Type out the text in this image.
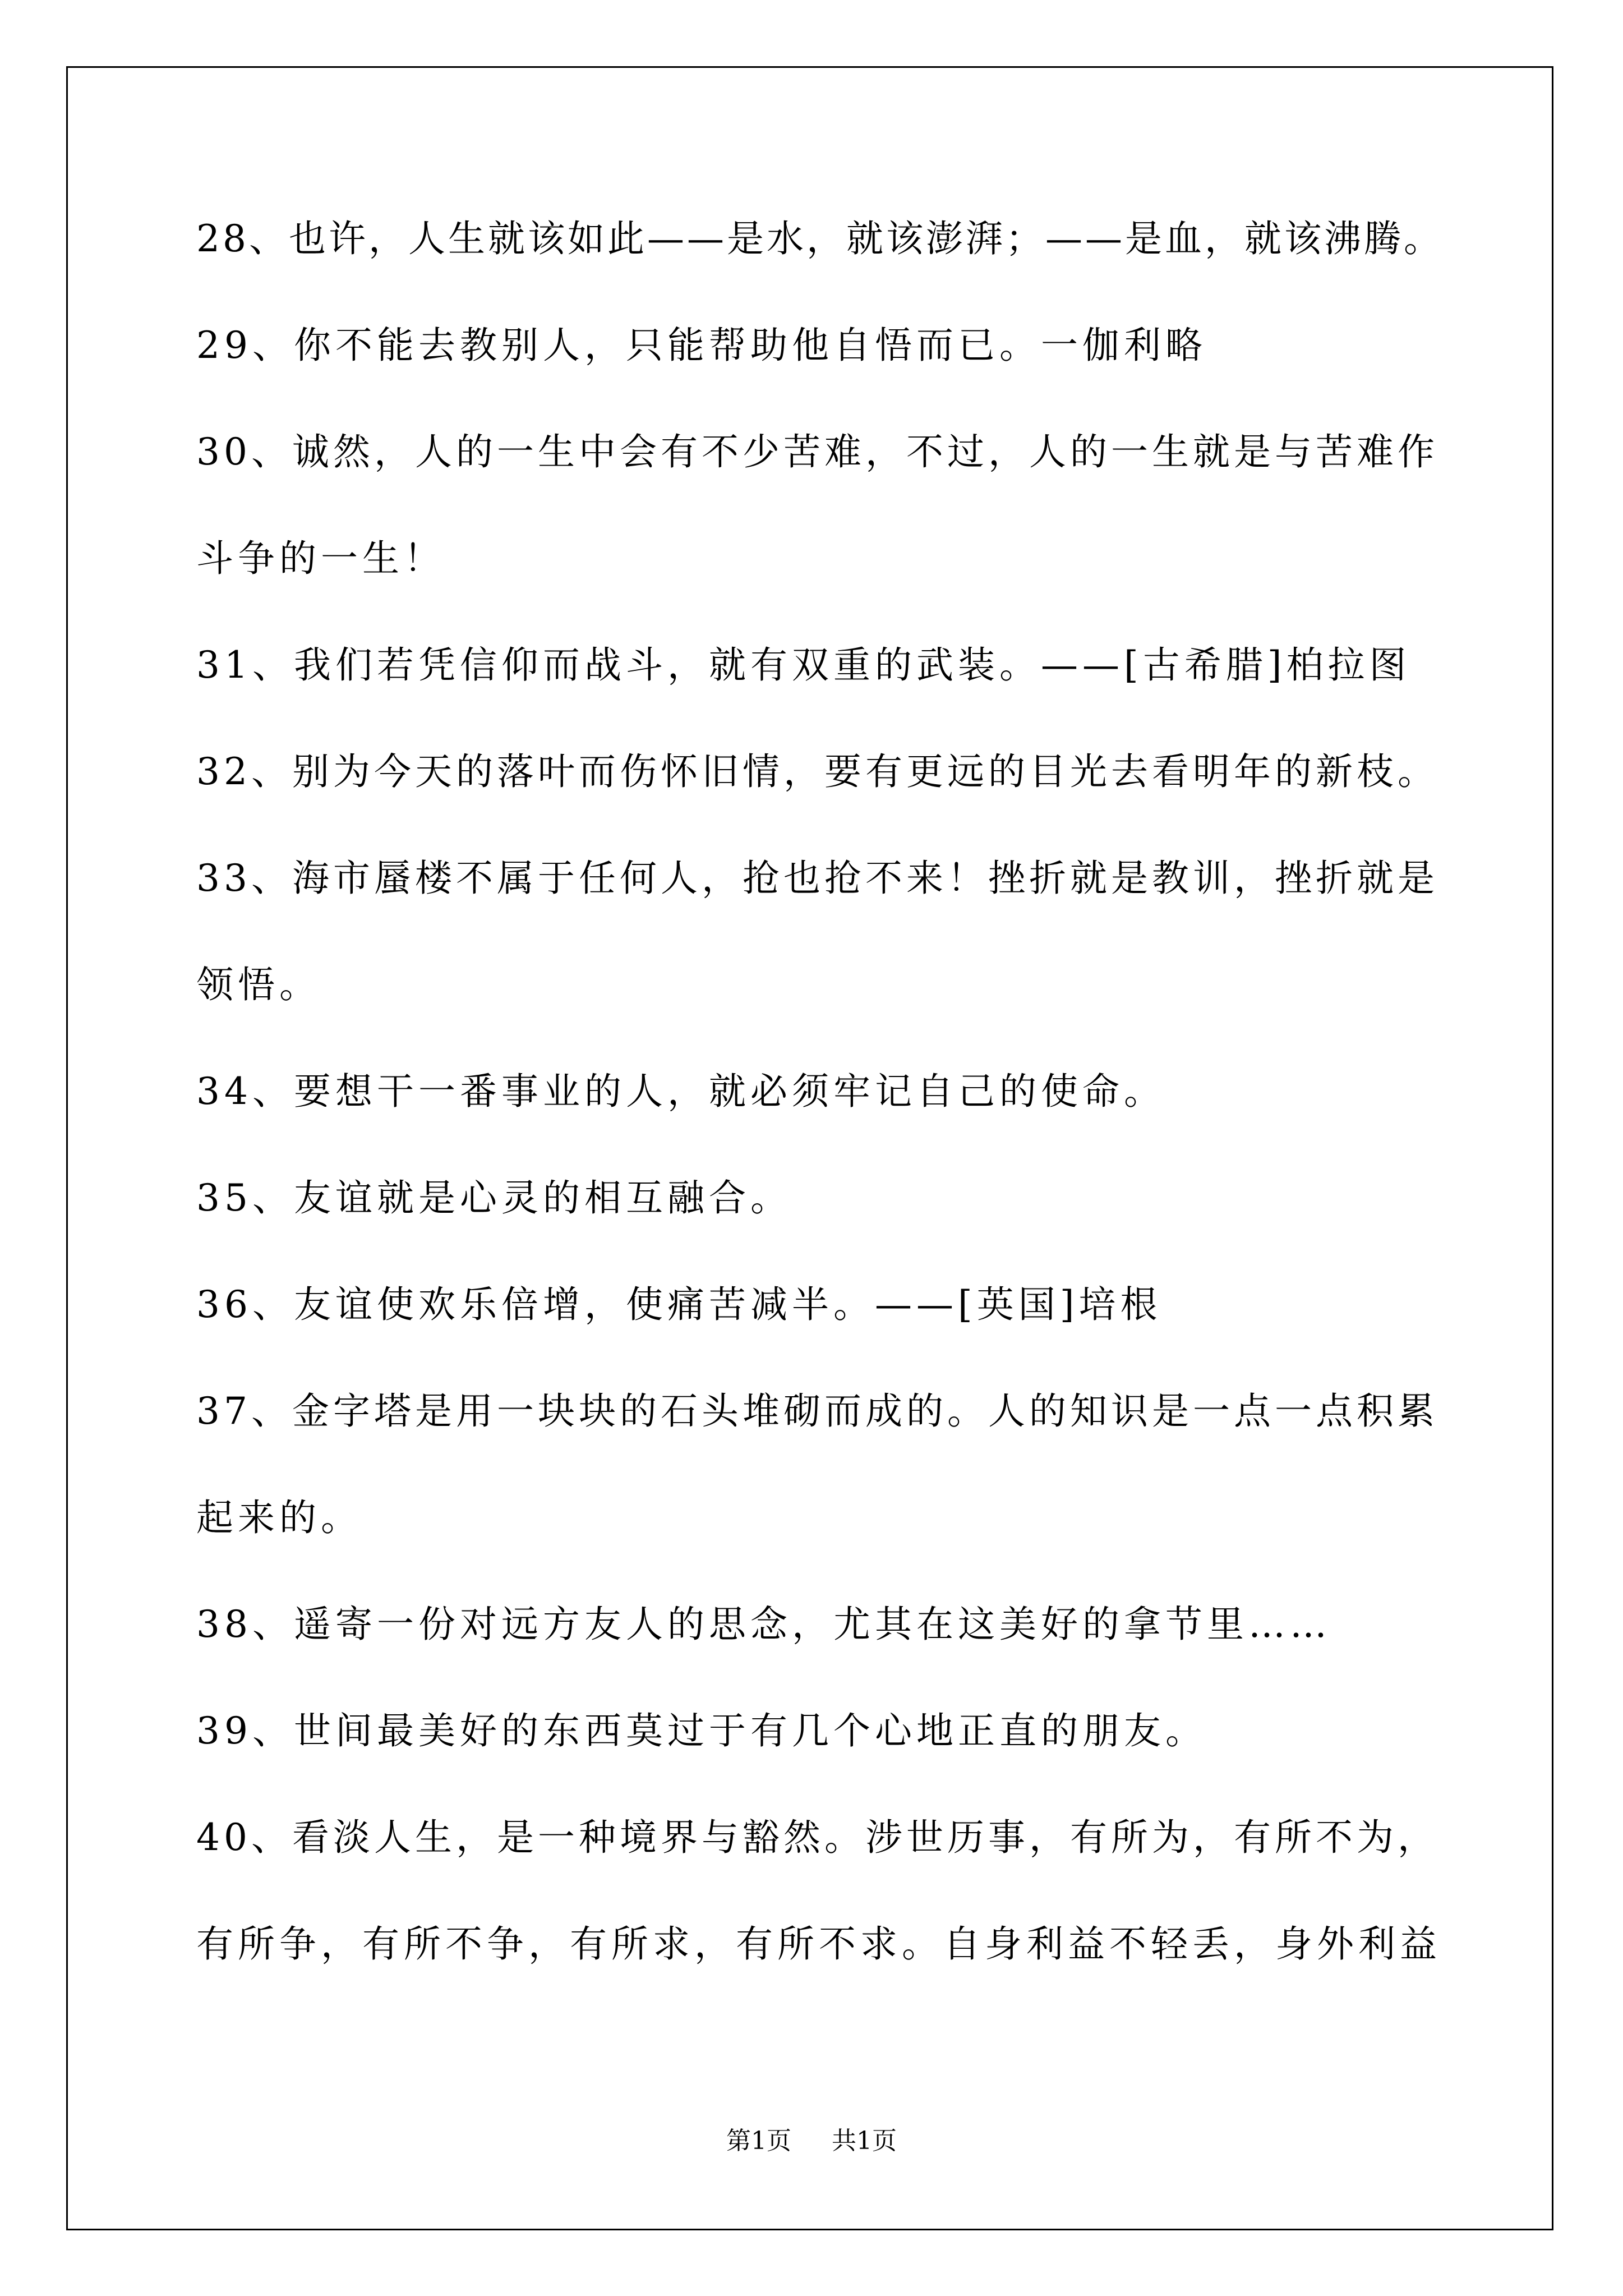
28、也许，人生就该如此——是水，就该澎湃；——是血，就该沸腾。

29、你不能去教别人，只能帮助他自悟而已。一伽利略

30、诚然，人的一生中会有不少苦难，不过，人的一生就是与苦难作

斗争的一生！

31、我们若凭信仰而战斗，就有双重的武装。——[古希腊]柏拉图

32、别为今天的落叶而伤怀旧情，要有更远的目光去看明年的新枝。

33、海市蜃楼不属于任何人，抢也抢不来！挫折就是教训，挫折就是

领悟。

34、要想干一番事业的人，就必须牢记自己的使命。

35、友谊就是心灵的相互融合。

36、友谊使欢乐倍增，使痛苦减半。——[英国]培根

37、金字塔是用一块块的石头堆砌而成的。人的知识是一点一点积累

起来的。

38、遥寄一份对远方友人的思念，尤其在这美好的拿节里……

39、世间最美好的东西莫过于有几个心地正直的朋友。

40、看淡人生，是一种境界与豁然。涉世历事，有所为，有所不为，

有所争，有所不争，有所求，有所不求。自身利益不轻丢，身外利益

第1页 共1页
